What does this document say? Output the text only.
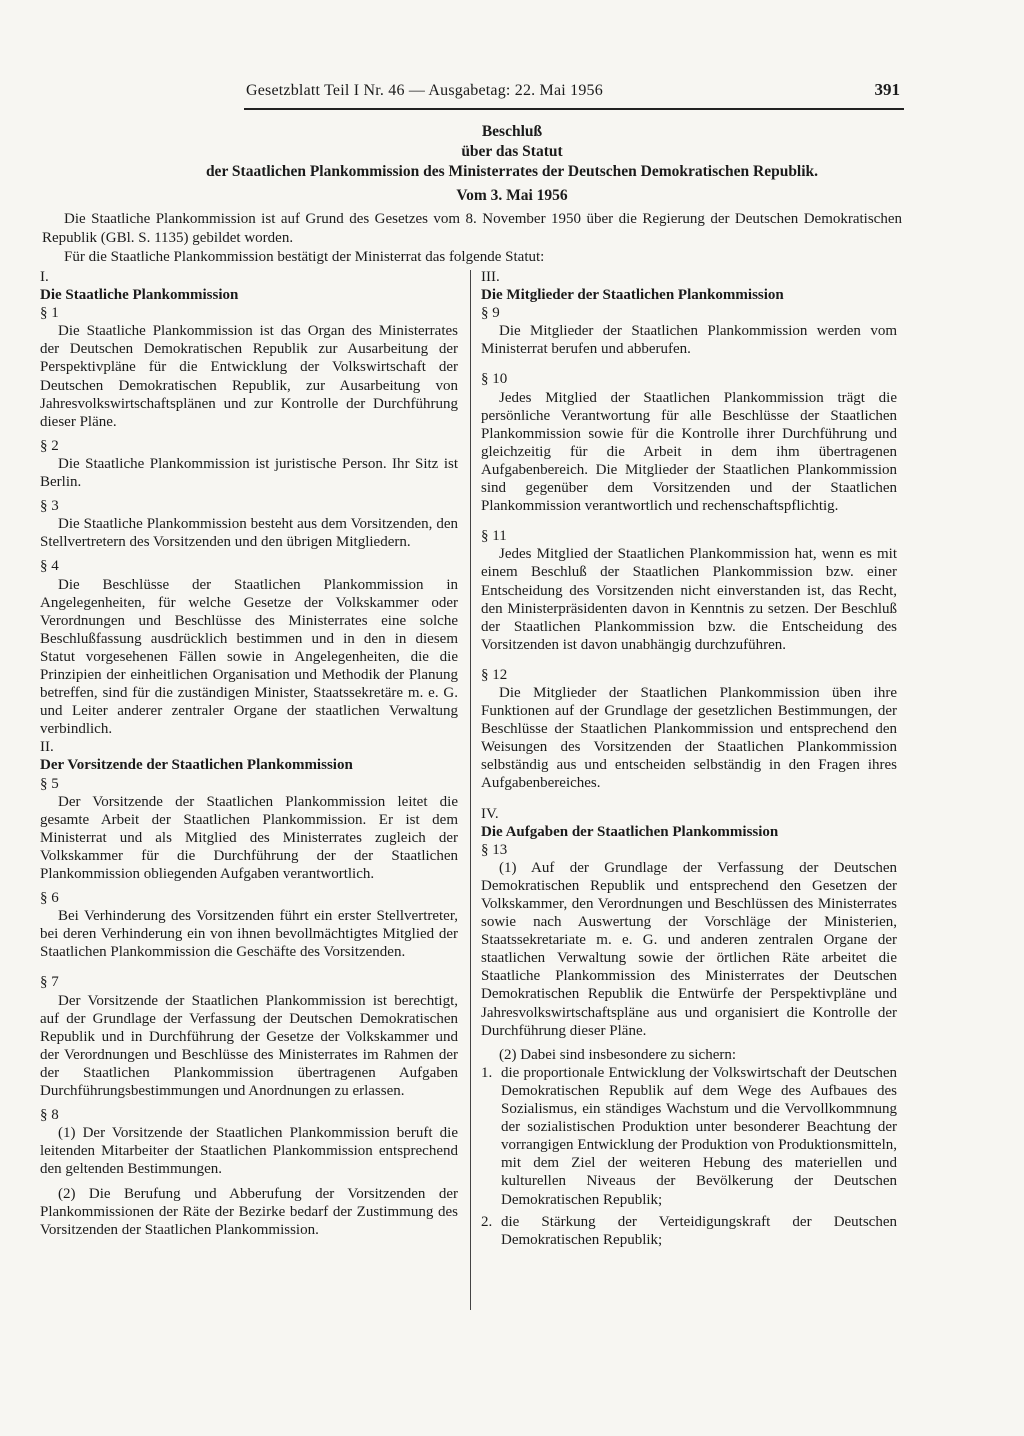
Gesetzblatt Teil I Nr. 46 — Ausgabetag: 22. Mai 1956	391
Beschluß
über das Statut
der Staatlichen Plankommission des Ministerrates der Deutschen Demokratischen Republik.
Vom 3. Mai 1956

Die Staatliche Plankommission ist auf Grund des Gesetzes vom 8. November 1950 über die Regierung der Deutschen Demokratischen Republik (GBl. S. 1135) gebildet worden.

Für die Staatliche Plankommission bestätigt der Ministerrat das folgende Statut:

I.

Die Staatliche Plankommission

§ 1

Die Staatliche Plankommission ist das Organ des Ministerrates der Deutschen Demokratischen Republik zur Ausarbeitung der Perspektivpläne für die Entwicklung der Volkswirtschaft der Deutschen Demokratischen Republik, zur Ausarbeitung von Jahresvolkswirtschaftsplänen und zur Kontrolle der Durchführung dieser Pläne.

§ 2

Die Staatliche Plankommission ist juristische Person. Ihr Sitz ist Berlin.

§ 3

Die Staatliche Plankommission besteht aus dem Vorsitzenden, den Stellvertretern des Vorsitzenden und den übrigen Mitgliedern.

§ 4

Die Beschlüsse der Staatlichen Plankommission in Angelegenheiten, für welche Gesetze der Volkskammer oder Verordnungen und Beschlüsse des Ministerrates eine solche Beschlußfassung ausdrücklich bestimmen und in den in diesem Statut vorgesehenen Fällen sowie in Angelegenheiten, die die Prinzipien der einheitlichen Organisation und Methodik der Planung betreffen, sind für die zuständigen Minister, Staatssekretäre m. e. G. und Leiter anderer zentraler Organe der staatlichen Verwaltung verbindlich.

II.

Der Vorsitzende der Staatlichen Plankommission

§ 5

Der Vorsitzende der Staatlichen Plankommission leitet die gesamte Arbeit der Staatlichen Plankommission. Er ist dem Ministerrat und als Mitglied des Ministerrates zugleich der Volkskammer für die Durchführung der der Staatlichen Plankommission obliegenden Aufgaben verantwortlich.

§ 6

Bei Verhinderung des Vorsitzenden führt ein erster Stellvertreter, bei deren Verhinderung ein von ihnen bevollmächtigtes Mitglied der Staatlichen Plankommission die Geschäfte des Vorsitzenden.

§ 7

Der Vorsitzende der Staatlichen Plankommission ist berechtigt, auf der Grundlage der Verfassung der Deutschen Demokratischen Republik und in Durchführung der Gesetze der Volkskammer und der Verordnungen und Beschlüsse des Ministerrates im Rahmen der der Staatlichen Plankommission übertragenen Aufgaben Durchführungsbestimmungen und Anordnungen zu erlassen.

§ 8

(1) Der Vorsitzende der Staatlichen Plankommission beruft die leitenden Mitarbeiter der Staatlichen Plankommission entsprechend den geltenden Bestimmungen.

(2) Die Berufung und Abberufung der Vorsitzenden der Plankommissionen der Räte der Bezirke bedarf der Zustimmung des Vorsitzenden der Staatlichen Plankommission.

III.

Die Mitglieder der Staatlichen Plankommission

§ 9

Die Mitglieder der Staatlichen Plankommission werden vom Ministerrat berufen und abberufen.

§ 10

Jedes Mitglied der Staatlichen Plankommission trägt die persönliche Verantwortung für alle Beschlüsse der Staatlichen Plankommission sowie für die Kontrolle ihrer Durchführung und gleichzeitig für die Arbeit in dem ihm übertragenen Aufgabenbereich. Die Mitglieder der Staatlichen Plankommission sind gegenüber dem Vorsitzenden und der Staatlichen Plankommission verantwortlich und rechenschaftspflichtig.

§ 11

Jedes Mitglied der Staatlichen Plankommission hat, wenn es mit einem Beschluß der Staatlichen Plankommission bzw. einer Entscheidung des Vorsitzenden nicht einverstanden ist, das Recht, den Ministerpräsidenten davon in Kenntnis zu setzen. Der Beschluß der Staatlichen Plankommission bzw. die Entscheidung des Vorsitzenden ist davon unabhängig durchzuführen.

§ 12

Die Mitglieder der Staatlichen Plankommission üben ihre Funktionen auf der Grundlage der gesetzlichen Bestimmungen, der Beschlüsse der Staatlichen Plankommission und entsprechend den Weisungen des Vorsitzenden der Staatlichen Plankommission selbständig aus und entscheiden selbständig in den Fragen ihres Aufgabenbereiches.

IV.

Die Aufgaben der Staatlichen Plankommission

§ 13

(1) Auf der Grundlage der Verfassung der Deutschen Demokratischen Republik und entsprechend den Gesetzen der Volkskammer, den Verordnungen und Beschlüssen des Ministerrates sowie nach Auswertung der Vorschläge der Ministerien, Staatssekretariate m. e. G. und anderen zentralen Organe der staatlichen Verwaltung sowie der örtlichen Räte arbeitet die Staatliche Plankommission des Ministerrates der Deutschen Demokratischen Republik die Entwürfe der Perspektivpläne und Jahresvolkswirtschaftspläne aus und organisiert die Kontrolle der Durchführung dieser Pläne.

(2) Dabei sind insbesondere zu sichern:

1. die proportionale Entwicklung der Volkswirtschaft der Deutschen Demokratischen Republik auf dem Wege des Aufbaues des Sozialismus, ein ständiges Wachstum und die Vervollkommnung der sozialistischen Produktion unter besonderer Beachtung der vorrangigen Entwicklung der Produktion von Produktionsmitteln, mit dem Ziel der weiteren Hebung des materiellen und kulturellen Niveaus der Bevölkerung der Deutschen Demokratischen Republik;
2. die Stärkung der Verteidigungskraft der Deutschen Demokratischen Republik;
